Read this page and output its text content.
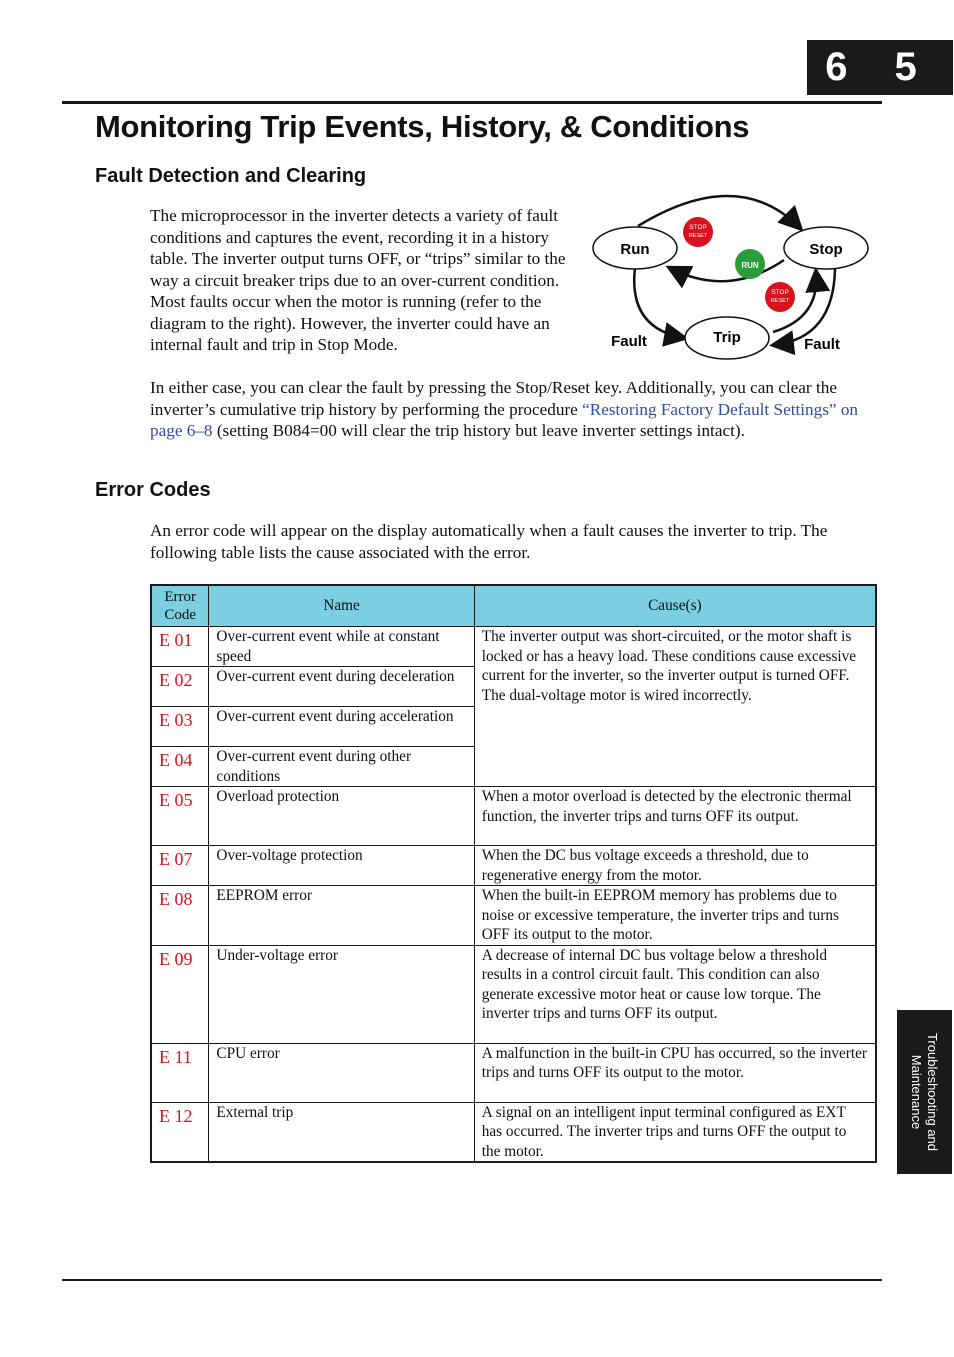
6 5
Monitoring Trip Events, History, & Conditions
Fault Detection and Clearing

The microprocessor in the inverter detects a variety of fault conditions and captures the event, recording it in a history table. The inverter output turns OFF, or “trips” similar to the way a circuit breaker trips due to an over-current condition. Most faults occur when the motor is running (refer to the diagram to the right). However, the inverter could have an internal fault and trip in Stop Mode.

In either case, you can clear the fault by pressing the Stop/Reset key. Additionally, you can clear the inverter’s cumulative trip history by performing the procedure “Restoring Factory Default Settings” on page 6–8 (setting B084=00 will clear the trip history but leave inverter settings intact).

Run	Stop
Trip
STOP
RESET
RUN
STOP
RESET
Fault	Fault
Error Codes

An error code will appear on the display automatically when a fault causes the inverter to trip. The following table lists the cause associated with the error.

Error Code	Name	Cause(s)
E 01	Over-current event while at constant speed	The inverter output was short-circuited, or the motor shaft is locked or has a heavy load. These conditions cause excessive current for the inverter, so the inverter output is turned OFF.
The dual-voltage motor is wired incorrectly.

E 02	Over-current event during deceleration	
E 03	Over-current event during acceleration	
E 04	Over-current event during other conditions	
E 05	Overload protection	When a motor overload is detected by the electronic thermal function, the inverter trips and turns OFF its output.
E 07	Over-voltage protection	When the DC bus voltage exceeds a threshold, due to regenerative energy from the motor.
E 08	EEPROM error	When the built-in EEPROM memory has problems due to noise or excessive temperature, the inverter trips and turns OFF its output to the motor.
E 09	Under-voltage error	A decrease of internal DC bus voltage below a threshold results in a control circuit fault. This condition can also generate excessive motor heat or cause low torque. The inverter trips and turns OFF its output.
E 11	CPU error	A malfunction in the built-in CPU has occurred, so the inverter trips and turns OFF its output to the motor.
E 12	External trip	A signal on an intelligent input terminal configured as EXT has occurred. The inverter trips and turns OFF the output to the motor.	Troubleshooting and
Maintenance
